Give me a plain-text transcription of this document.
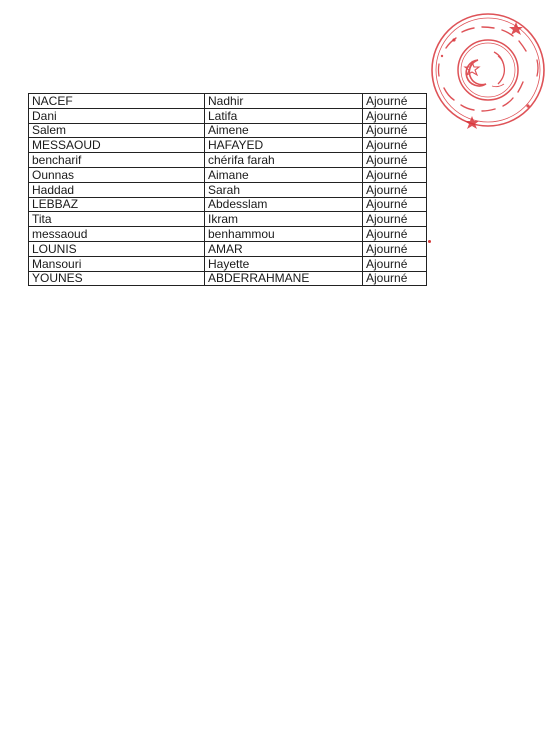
NACEF	Nadhir	Ajourné
Dani	Latifa	Ajourné
Salem	Aimene	Ajourné
MESSAOUD	HAFAYED	Ajourné
bencharif	chérifa farah	Ajourné
Ounnas	Aimane	Ajourné
Haddad	Sarah	Ajourné
LEBBAZ	Abdesslam	Ajourné
Tita	Ikram	Ajourné
messaoud	benhammou	Ajourné
LOUNIS	AMAR	Ajourné
Mansouri	Hayette	Ajourné
YOUNES	ABDERRAHMANE	Ajourné
